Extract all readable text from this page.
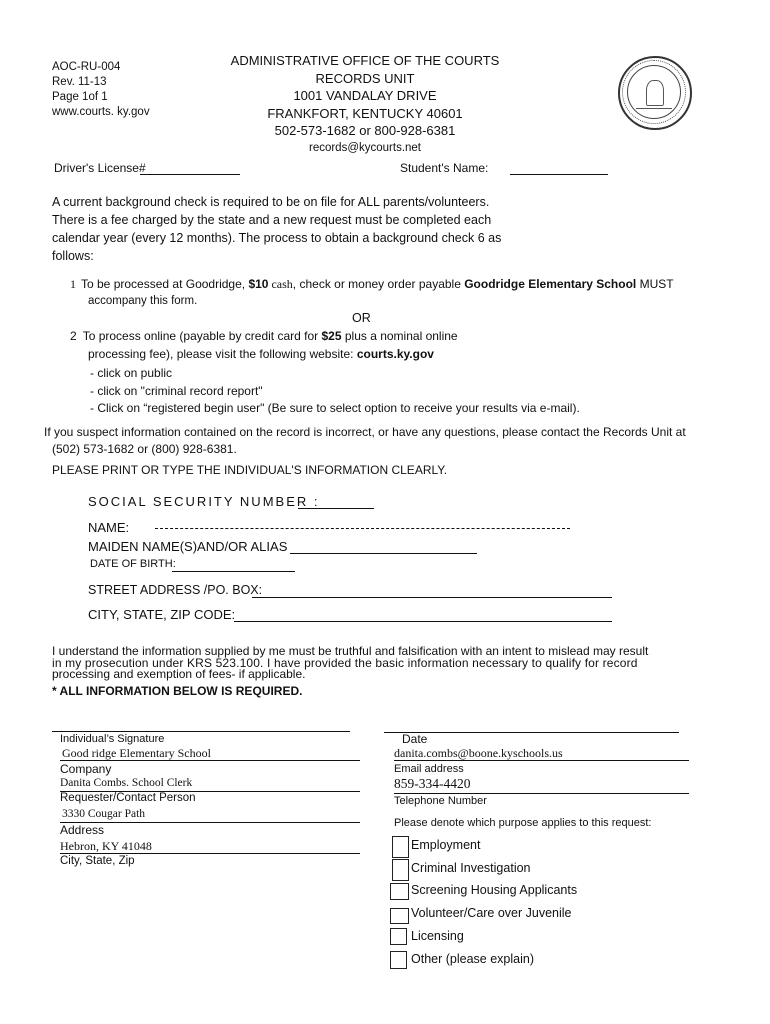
AOC-RU-004
Rev. 11-13
Page 1of 1
www.courts. ky.gov
ADMINISTRATIVE OFFICE OF THE COURTS
RECORDS UNIT
1001 VANDALAY DRIVE
FRANKFORT, KENTUCKY 40601
502-573-1682 or 800-928-6381
records@kycourts.net
Driver's License#	Student's Name:
A current background check is required to be on file for ALL parents/volunteers.
There is a fee charged by the state and a new request must be completed each
calendar year (every 12 months). The process to obtain a background check 6 as
follows:
1 To be processed at Goodridge, $10 cash, check or money order payable Goodridge Elementary School MUST
accompany this form.
OR
2 To process online (payable by credit card for $25 plus a nominal online
processing fee), please visit the following website: courts.ky.gov
- click on public
- click on "criminal record report"
- Click on “registered begin user" (Be sure to select option to receive your results via e-mail).
If you suspect information contained on the record is incorrect, or have any questions, please contact the Records Unit at
(502) 573-1682 or (800) 928-6381.
PLEASE PRINT OR TYPE THE INDIVIDUAL'S INFORMATION CLEARLY.
SOCIAL SECURITY NUMBER :
NAME:
MAIDEN NAME(S)AND/OR ALIAS
DATE OF BIRTH:
STREET ADDRESS /PO. BOX:
CITY, STATE, ZIP CODE:
I understand the information supplied by me must be truthful and falsification with an intent to mislead may result
in my prosecution under KRS 523.100. I have provided the basic information necessary to qualify for record
processing and exemption of fees- if applicable.
* ALL INFORMATION BELOW IS REQUIRED.
Individual’s Signature
Good ridge Elementary School
Company
Danita Combs. School Clerk
Requester/Contact Person
3330 Cougar Path
Address
Hebron, KY 41048
City, State, Zip
Date
danita.combs@boone.kyschools.us
Email address
859-334-4420
Telephone Number
Please denote which purpose applies to this request:
Employment
Criminal Investigation
Screening Housing Applicants
Volunteer/Care over Juvenile
Licensing
Other (please explain)
